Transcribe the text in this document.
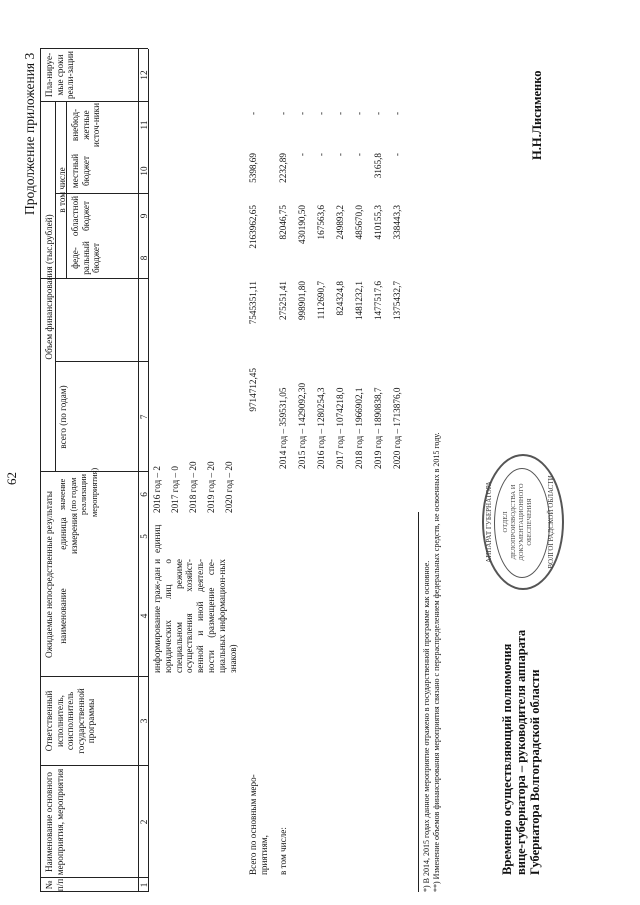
62
Продолжение приложения 3
№ п/п
Наименование основного мероприятия, мероприятия
Ответственный исполнитель, соисполнитель государственной программы
Ожидаемые непосредственные результаты наименование
единица измерения
значение (по годам реализации мероприятия)
Объем финансирования (тыс.рублей)
всего (по годам)
в том числе
феде-ральный бюджет
областной бюджет
местный бюджет
внебюд-жетные источ-ники
Пла-нируе-мые сроки реали-зации
1
2
3
4
5
6
7
8
9
10
11
12
информирование граж-дан и юридических лиц о специальном режиме осуществления хозяйст-венной и иной деятель-ности (размещение спе-циальных информацион-ных знаков)
единиц
2016 год – 2 2017 год – 0 2018 год – 20 2019 год – 20 2020 год – 20
Всего по основным меро-приятиям,
9714712,45
7545351,11
2163962,65
5398,69
-
в том числе:
2014 год – 359531,05
275251,41
82046,75
2232,89
-
2015 год – 1429092,30
998901,80
430190,50
-
-
2016 год – 1280254,3
1112690,7
167563,6
-
-
2017 год – 1074218,0
824324,8
249893,2
-
-
2018 год – 1966902,1
1481232,1
485670,0
-
-
2019 год – 1890838,7
1477517,6
410155,3
3165,8
-
2020 год – 1713876,0
1375432,7
338443,3
-
-
*) В 2014, 2015 годах данное мероприятие отражено в государственной программе как основное. **) Изменение объемов финансирования мероприятия связано с перераспределением федеральных средств, не освоенных в 2015 году.	Временно осуществляющий полномочия вице-губернатора – руководителя аппарата Губернатора Волгоградской области
Н.Н.Лисименко
АППАРАТ ГУБЕРНАТОРА	ВОЛГОГРАДСКОЙ ОБЛАСТИ
ОТДЕЛ ДЕЛОПРОИЗВОДСТВА И ДОКУМЕНТАЦИОННОГО ОБЕСПЕЧЕНИЯ
